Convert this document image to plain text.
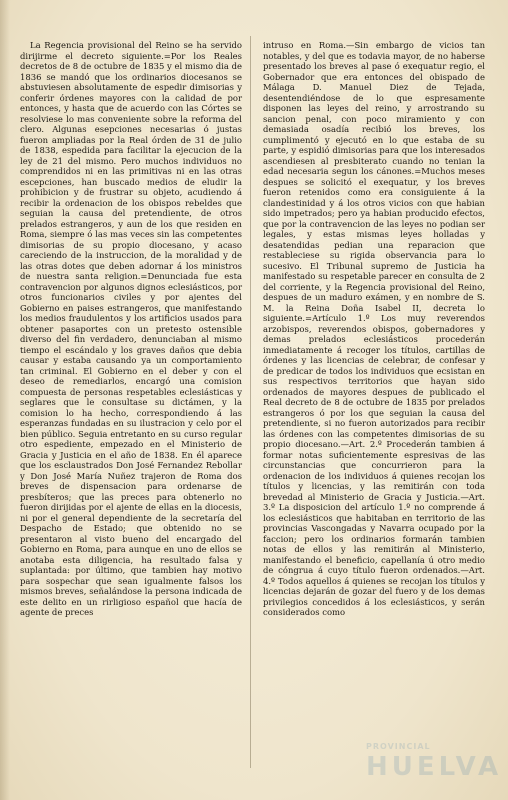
La Regencia provisional del Reino se ha servido dirijirme el decreto siguiente.=Por los Reales decretos de 8 de octubre de 1835 y el mismo dia de 1836 se mandó que los ordinarios diocesanos se abstuviesen absolutamente de espedir dimisorias y conferir órdenes mayores con la calidad de por entonces, y hasta que de acuerdo con las Córtes se resolviese lo mas conveniente sobre la reforma del clero. Algunas esepciones necesarias ó justas fueron ampliadas por la Real órden de 31 de julio de 1838, espedida para facilitar la ejecucion de la ley de 21 del mismo. Pero muchos individuos no comprendidos ni en las primitivas ni en las otras escepciones, han buscado medios de eludir la prohibicion y de frustrar su objeto, acudiendo á recibir la ordenacion de los obispos rebeldes que seguian la causa del pretendiente, de otros prelados estrangeros, y aun de los que residen en Roma, siempre ó las mas veces sin las competentes dimisorias de su propio diocesano, y acaso careciendo de la instruccion, de la moralidad y de las otras dotes que deben adornar á los ministros de nuestra santa religion.=Denunciada fue esta contravencion por algunos dignos eclesiásticos, por otros funcionarios civiles y por ajentes del Gobierno en paises estrangeros, que manifestando los medios fraudulentos y los artificios usados para obtener pasaportes con un pretesto ostensible diverso del fin verdadero, denunciaban al mismo tiempo el escándalo y los graves daños que debia causar y estaba causando ya un comportamiento tan criminal. El Gobierno en el deber y con el deseo de remediarlos, encargó una comision compuesta de personas respetables eclesiásticas y seglares que le consultase su dictámen, y la comision lo ha hecho, correspondiendo á las esperanzas fundadas en su ilustracion y celo por el bien público. Seguia entretanto en su curso regular otro espediente, empezado en el Ministerio de Gracia y Justicia en el año de 1838. En él aparece que los esclaustrados Don José Fernandez Rebollar y Don José María Nuñez trajeron de Roma dos breves de dispensacion para ordenarse de presbíteros; que las preces para obtenerlo no fueron dirijidas por el ajente de ellas en la diocesis, ni por el general dependiente de la secretaría del Despacho de Estado; que obtenido no se presentaron al visto bueno del encargado del Gobierno en Roma, para aunque en uno de ellos se anotaba esta diligencia, ha resultado falsa y suplantada: por último, que tambien hay motivo para sospechar que sean igualmente falsos los mismos breves, señalándose la persona indicada de este delito en un rirligioso español que hacía de agente de preces

intruso en Roma.—Sin embargo de vicios tan notables, y del que es todavia mayor, de no haberse presentado los breves al pase ó exequatur regio, el Gobernador que era entonces del obispado de Málaga D. Manuel Diez de Tejada, desentendiéndose de lo que espresamente disponen las leyes del reino, y arrostrando su sancion penal, con poco miramiento y con demasiada osadía recibió los breves, los cumplimentó y ejecutó en lo que estaba de su parte, y espidió dimisorias para que los interesados ascendiesen al presbiterato cuando no tenian la edad necesaria segun los cánones.=Muchos meses despues se solicitó el exequatur, y los breves fueron retenidos como era consiguiente á la clandestinidad y á los otros vicios con que habian sido impetrados; pero ya habian producido efectos, que por la contravencion de las leyes no podian ser legales, y estas mismas leyes holladas y desatendidas pedian una reparacion que restableciese su rigida observancia para lo sucesivo. El Tribunal supremo de Justicia ha manifestado su respetable parecer en consulta de 2 del corriente, y la Regencia provisional del Reino, despues de un maduro exámen, y en nombre de S. M. la Reina Doña Isabel II, decreta lo siguiente.=Artículo 1.º Los muy reverendos arzobispos, reverendos obispos, gobernadores y demas prelados eclesiásticos procederán inmediatamente á recoger los títulos, cartillas de órdenes y las licencias de celebrar, de confesar y de predicar de todos los individuos que ecsistan en sus respectivos territorios que hayan sido ordenados de mayores despues de publicado el Real decreto de 8 de octubre de 1835 por prelados estrangeros ó por los que seguian la causa del pretendiente, si no fueron autorizados para recibir las órdenes con las competentes dimisorias de su propio diocesano.—Art. 2.º Procederán tambien á formar notas suficientemente espresivas de las circunstancias que concurrieron para la ordenacion de los individuos á quienes recojan los títulos y licencias, y las remitirán con toda brevedad al Ministerio de Gracia y Justicia.—Art. 3.º La disposicion del artículo 1.º no comprende á los eclesiásticos que habitaban en territorio de las provincias Vascongadas y Navarra ocupado por la faccion; pero los ordinarios formarán tambien notas de ellos y las remitirán al Ministerio, manifestando el beneficio, capellanía ú otro medio de cóngrua á cuyo título fueron ordenados.—Art. 4.º Todos aquellos á quienes se recojan los títulos y licencias dejarán de gozar del fuero y de los demas privilegios concedidos á los eclesiásticos, y serán considerados como

PROVINCIAL
HUELVA
